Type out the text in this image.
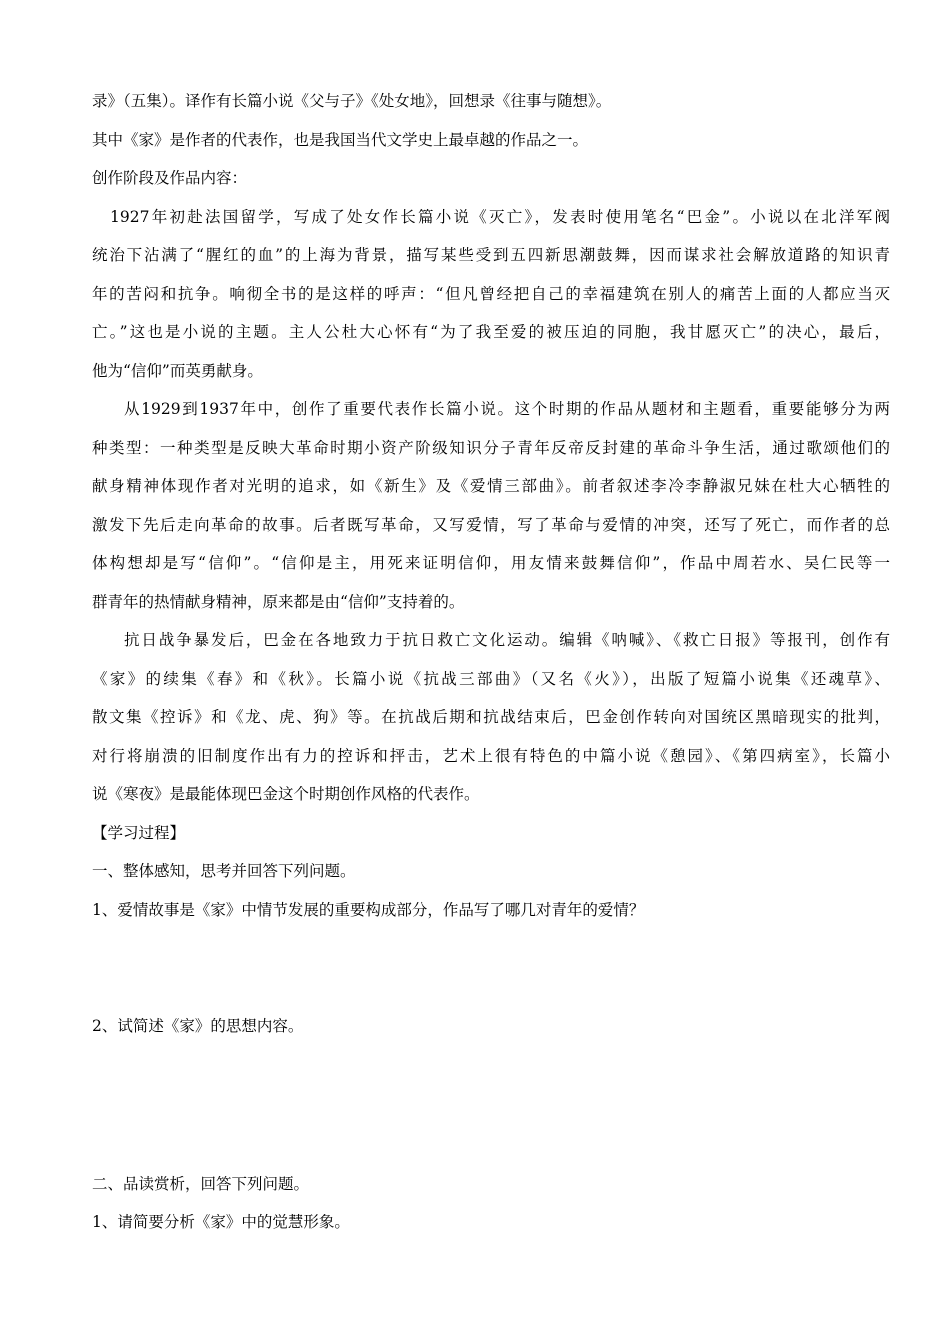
录》（五集）。译作有长篇小说《父与子》《处女地》，回想录《往事与随想》。
其中《家》是作者的代表作，也是我国当代文学史上最卓越的作品之一。
创作阶段及作品内容：
1927年初赴法国留学，写成了处女作长篇小说《灭亡》，发表时使用笔名“巴金”。小说以在北洋军阀
统治下沾满了“腥红的血”的上海为背景，描写某些受到五四新思潮鼓舞，因而谋求社会解放道路的知识青
年的苦闷和抗争。响彻全书的是这样的呼声：“但凡曾经把自己的幸福建筑在别人的痛苦上面的人都应当灭
亡。”这也是小说的主题。主人公杜大心怀有“为了我至爱的被压迫的同胞，我甘愿灭亡”的决心，最后，
他为“信仰”而英勇献身。
从1929到1937年中，创作了重要代表作长篇小说。这个时期的作品从题材和主题看，重要能够分为两
种类型：一种类型是反映大革命时期小资产阶级知识分子青年反帝反封建的革命斗争生活，通过歌颂他们的
献身精神体现作者对光明的追求，如《新生》及《爱情三部曲》。前者叙述李冷李静淑兄妹在杜大心牺牲的
激发下先后走向革命的故事。后者既写革命，又写爱情，写了革命与爱情的冲突，还写了死亡，而作者的总
体构想却是写“信仰”。“信仰是主，用死来证明信仰，用友情来鼓舞信仰”，作品中周若水、吴仁民等一
群青年的热情献身精神，原来都是由“信仰”支持着的。
抗日战争暴发后，巴金在各地致力于抗日救亡文化运动。编辑《呐喊》、《救亡日报》等报刊，创作有
《家》的续集《春》和《秋》。长篇小说《抗战三部曲》（又名《火》），出版了短篇小说集《还魂草》、
散文集《控诉》和《龙、虎、狗》等。在抗战后期和抗战结束后，巴金创作转向对国统区黑暗现实的批判，
对行将崩溃的旧制度作出有力的控诉和抨击，艺术上很有特色的中篇小说《憩园》、《第四病室》，长篇小
说《寒夜》是最能体现巴金这个时期创作风格的代表作。
【学习过程】
一、整体感知，思考并回答下列问题。
1、爱情故事是《家》中情节发展的重要构成部分，作品写了哪几对青年的爱情？
2、试简述《家》的思想内容。
二、品读赏析，回答下列问题。
1、请简要分析《家》中的觉慧形象。
